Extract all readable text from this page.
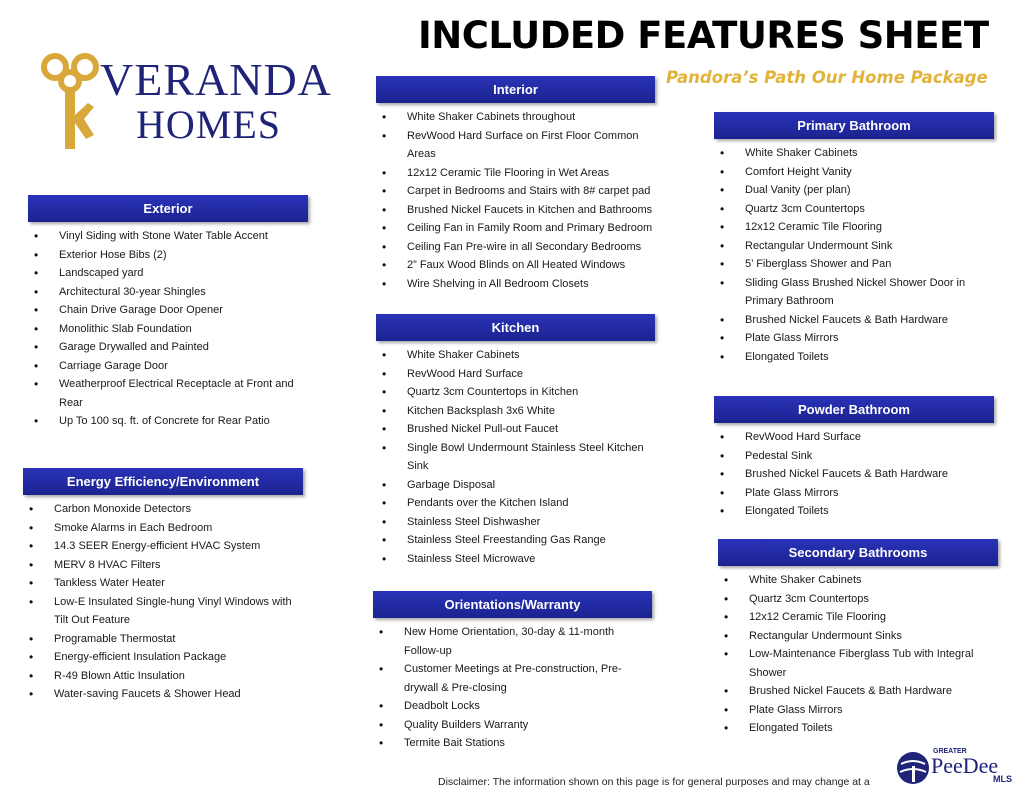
INCLUDED FEATURES SHEET
Pandora’s Path Our Home Package
VERANDA
HOMES
Exterior
• Vinyl Siding with Stone Water Table Accent
• Exterior Hose Bibs (2)
• Landscaped yard
• Architectural 30-year Shingles
• Chain Drive Garage Door Opener
• Monolithic Slab Foundation
• Garage Drywalled and Painted
• Carriage Garage Door
• Weatherproof Electrical Receptacle at Front and Rear
• Up To 100 sq. ft. of Concrete for Rear Patio
Energy Efficiency/Environment
• Carbon Monoxide Detectors
• Smoke Alarms in Each Bedroom
• 14.3 SEER Energy-efficient HVAC System
• MERV 8 HVAC Filters
• Tankless Water Heater
• Low-E Insulated Single-hung Vinyl Windows with Tilt Out Feature
• Programable Thermostat
• Energy-efficient Insulation Package
• R-49 Blown Attic Insulation
• Water-saving Faucets & Shower Head
Interior
• White Shaker Cabinets throughout
• RevWood Hard Surface on First Floor Common Areas
• 12x12 Ceramic Tile Flooring in Wet Areas
• Carpet in Bedrooms and Stairs with 8# carpet pad
• Brushed Nickel Faucets in Kitchen and Bathrooms
• Ceiling Fan in Family Room and Primary Bedroom
• Ceiling Fan Pre-wire in all Secondary Bedrooms
• 2” Faux Wood Blinds on All Heated Windows
• Wire Shelving in All Bedroom Closets
Kitchen
• White Shaker Cabinets
• RevWood Hard Surface
• Quartz 3cm Countertops in Kitchen
• Kitchen Backsplash 3x6 White
• Brushed Nickel Pull-out Faucet
• Single Bowl Undermount Stainless Steel Kitchen Sink
• Garbage Disposal
• Pendants over the Kitchen Island
• Stainless Steel Dishwasher
• Stainless Steel Freestanding Gas Range
• Stainless Steel Microwave
Orientations/Warranty
• New Home Orientation, 30-day & 11-month Follow-up
• Customer Meetings at Pre-construction, Pre-drywall & Pre-closing
• Deadbolt Locks
• Quality Builders Warranty
• Termite Bait Stations
Primary Bathroom
• White Shaker Cabinets
• Comfort Height Vanity
• Dual Vanity (per plan)
• Quartz 3cm Countertops
• 12x12 Ceramic Tile Flooring
• Rectangular Undermount Sink
• 5’ Fiberglass Shower and Pan
• Sliding Glass Brushed Nickel Shower Door in Primary Bathroom
• Brushed Nickel Faucets & Bath Hardware
• Plate Glass Mirrors
• Elongated Toilets
Powder Bathroom
• RevWood Hard Surface
• Pedestal Sink
• Brushed Nickel Faucets & Bath Hardware
• Plate Glass Mirrors
• Elongated Toilets
Secondary Bathrooms
• White Shaker Cabinets
• Quartz 3cm Countertops
• 12x12 Ceramic Tile Flooring
• Rectangular Undermount Sinks
• Low-Maintenance Fiberglass Tub with Integral Shower
• Brushed Nickel Faucets & Bath Hardware
• Plate Glass Mirrors
• Elongated Toilets
Disclaimer: The information shown on this page is for general purposes and may change at a
GREATER
PeeDee
MLS
